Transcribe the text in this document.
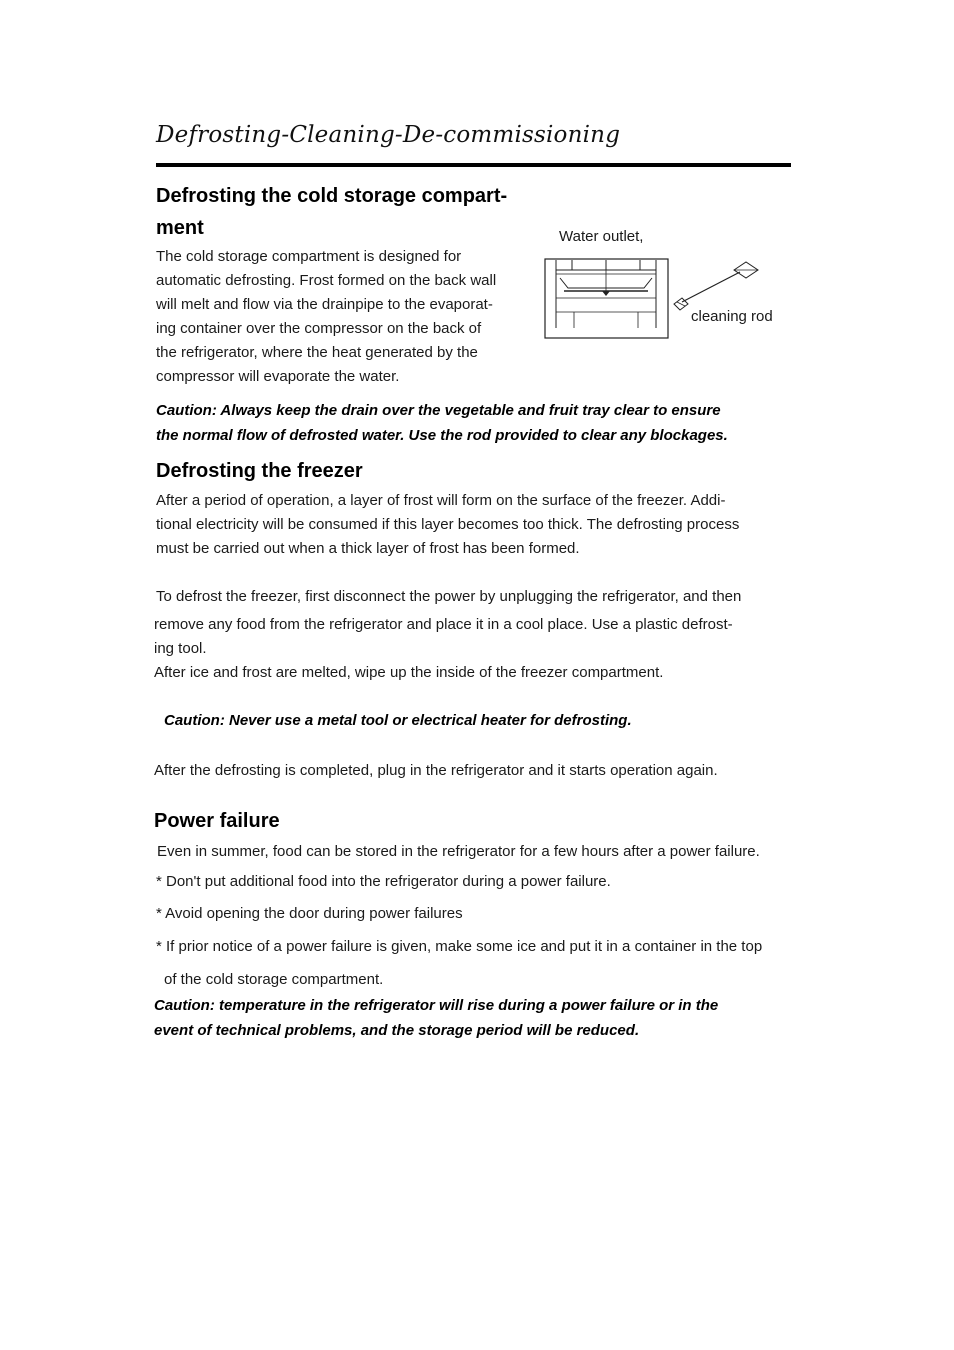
Defrosting-Cleaning-De-commissioning
Defrosting the cold storage compart-
ment
The cold storage compartment is designed for
automatic defrosting. Frost formed on the back wall
will melt and flow via the drainpipe to the evaporat-
ing container over the compressor on the back of
the refrigerator, where the heat generated by the
compressor will evaporate the water.
Water outlet,
cleaning rod
Caution: Always keep the drain over the vegetable and fruit tray clear to ensure
the normal flow of defrosted water. Use the rod provided to clear any blockages.
Defrosting the freezer
After a period of operation, a layer of frost will form on the surface of the freezer. Addi-
tional electricity will be consumed if this layer becomes too thick. The defrosting process
must be carried out when a thick layer of frost has been formed.
To defrost the freezer, first disconnect the power by unplugging the refrigerator, and then
remove any food from the refrigerator and place it in a cool place. Use a plastic defrost-
ing tool.
After ice and frost are melted, wipe up the inside of the freezer compartment.
Caution: Never use a metal tool or electrical heater for defrosting.
After the defrosting is completed, plug in the refrigerator and it starts operation again.
Power failure
Even in summer, food can be stored in the refrigerator for a few hours after a power failure.
* Don't put additional food into the refrigerator during a power failure.
* Avoid opening the door during power failures
* If prior notice of a power failure is given, make some ice and put it in a container in the top
of the cold storage compartment.
Caution: temperature in the refrigerator will rise during a power failure or in the
event of technical problems, and the storage period will be reduced.
